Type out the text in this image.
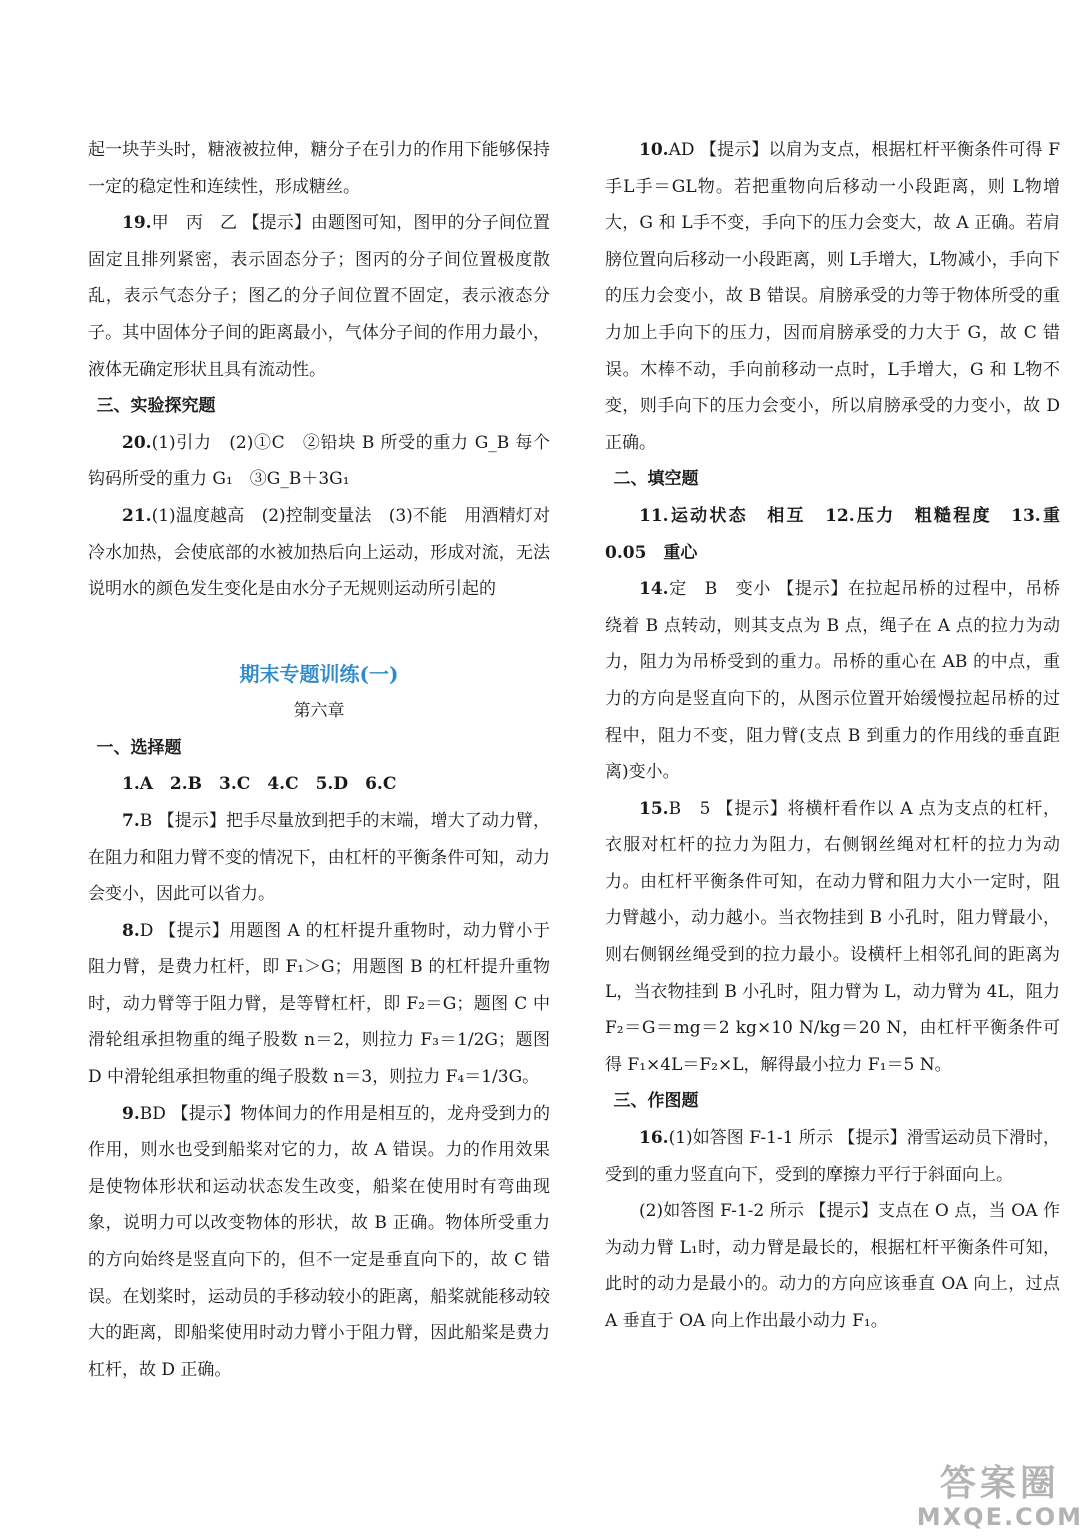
起一块芋头时，糖液被拉伸，糖分子在引力的作用下能够保持一定的稳定性和连续性，形成糖丝。

19.甲　丙　乙 【提示】由题图可知，图甲的分子间位置固定且排列紧密，表示固态分子；图丙的分子间位置极度散乱，表示气态分子；图乙的分子间位置不固定，表示液态分子。其中固体分子间的距离最小，气体分子间的作用力最小，液体无确定形状且具有流动性。

三、实验探究题

20.(1)引力　(2)①C　②铅块 B 所受的重力 G_B 每个钩码所受的重力 G₁　③G_B＋3G₁

21.(1)温度越高　(2)控制变量法　(3)不能　用酒精灯对冷水加热，会使底部的水被加热后向上运动，形成对流，无法说明水的颜色发生变化是由水分子无规则运动所引起的

期末专题训练(一)
第六章

一、选择题

1.A　2.B　3.C　4.C　5.D　6.C

7.B 【提示】把手尽量放到把手的末端，增大了动力臂，在阻力和阻力臂不变的情况下，由杠杆的平衡条件可知，动力会变小，因此可以省力。

8.D 【提示】用题图 A 的杠杆提升重物时，动力臂小于阻力臂，是费力杠杆，即 F₁＞G；用题图 B 的杠杆提升重物时，动力臂等于阻力臂，是等臂杠杆，即 F₂＝G；题图 C 中滑轮组承担物重的绳子股数 n＝2，则拉力 F₃＝1/2G；题图 D 中滑轮组承担物重的绳子股数 n＝3，则拉力 F₄＝1/3G。

9.BD 【提示】物体间力的作用是相互的，龙舟受到力的作用，则水也受到船桨对它的力，故 A 错误。力的作用效果是使物体形状和运动状态发生改变，船桨在使用时有弯曲现象，说明力可以改变物体的形状，故 B 正确。物体所受重力的方向始终是竖直向下的，但不一定是垂直向下的，故 C 错误。在划桨时，运动员的手移动较小的距离，船桨就能移动较大的距离，即船桨使用时动力臂小于阻力臂，因此船桨是费力杠杆，故 D 正确。

10.AD 【提示】以肩为支点，根据杠杆平衡条件可得 F手L手＝GL物。若把重物向后移动一小段距离，则 L物增大，G 和 L手不变，手向下的压力会变大，故 A 正确。若肩膀位置向后移动一小段距离，则 L手增大，L物减小，手向下的压力会变小，故 B 错误。肩膀承受的力等于物体所受的重力加上手向下的压力，因而肩膀承受的力大于 G，故 C 错误。木棒不动，手向前移动一点时，L手增大，G 和 L物不变，则手向下的压力会变小，所以肩膀承受的力变小，故 D 正确。

二、填空题

11.运动状态　相互　12.压力　粗糙程度　13.重　0.05　重心

14.定　B　变小 【提示】在拉起吊桥的过程中，吊桥绕着 B 点转动，则其支点为 B 点，绳子在 A 点的拉力为动力，阻力为吊桥受到的重力。吊桥的重心在 AB 的中点，重力的方向是竖直向下的，从图示位置开始缓慢拉起吊桥的过程中，阻力不变，阻力臂(支点 B 到重力的作用线的垂直距离)变小。

15.B　5 【提示】将横杆看作以 A 点为支点的杠杆，衣服对杠杆的拉力为阻力，右侧钢丝绳对杠杆的拉力为动力。由杠杆平衡条件可知，在动力臂和阻力大小一定时，阻力臂越小，动力越小。当衣物挂到 B 小孔时，阻力臂最小，则右侧钢丝绳受到的拉力最小。设横杆上相邻孔间的距离为 L，当衣物挂到 B 小孔时，阻力臂为 L，动力臂为 4L，阻力 F₂＝G＝mg＝2 kg×10 N/kg＝20 N，由杠杆平衡条件可得 F₁×4L＝F₂×L，解得最小拉力 F₁＝5 N。

三、作图题

16.(1)如答图 F-1-1 所示 【提示】滑雪运动员下滑时，受到的重力竖直向下，受到的摩擦力平行于斜面向上。

(2)如答图 F-1-2 所示 【提示】支点在 O 点，当 OA 作为动力臂 L₁时，动力臂是最长的，根据杠杆平衡条件可知，此时的动力是最小的。动力的方向应该垂直 OA 向上，过点 A 垂直于 OA 向上作出最小动力 F₁。

答案圈
MXQE.COM
